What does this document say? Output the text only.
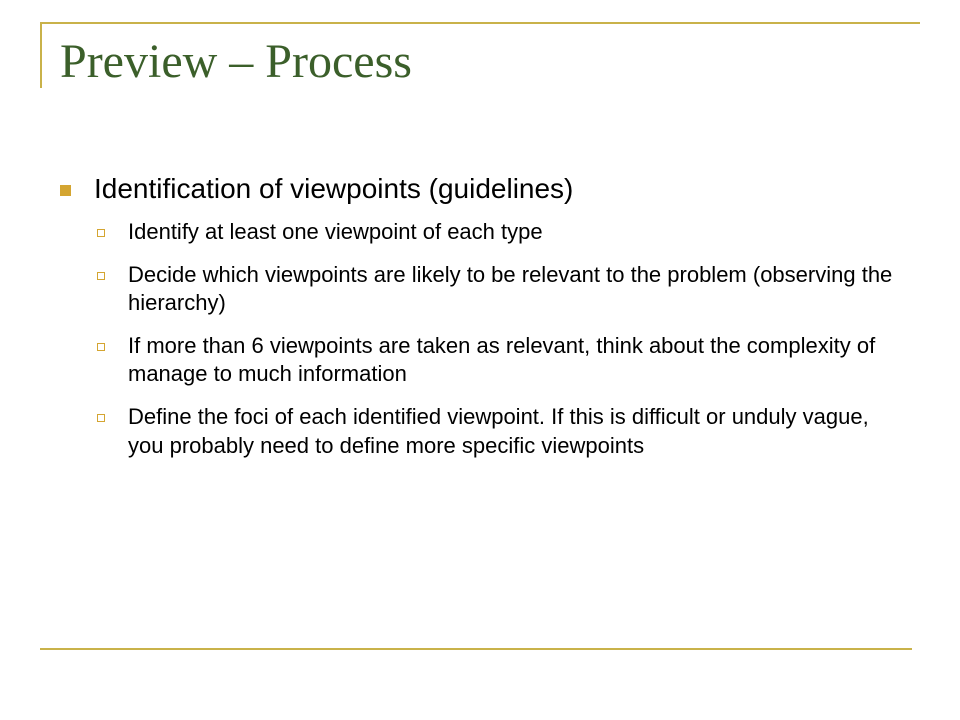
Preview – Process
Identification of viewpoints (guidelines)
Identify at least one viewpoint of each type
Decide which viewpoints are likely to be relevant to the problem (observing the hierarchy)
If more than 6 viewpoints are taken as relevant, think about the complexity of manage to much information
Define the foci of each identified viewpoint. If this is difficult or unduly vague, you probably need to define more specific viewpoints
